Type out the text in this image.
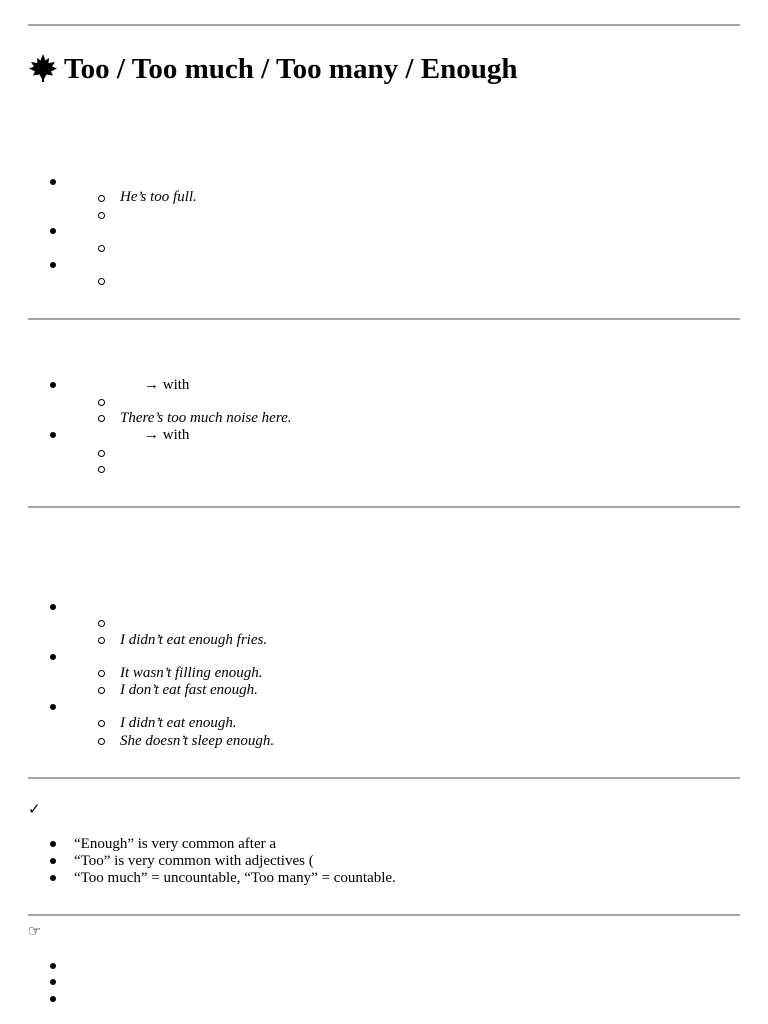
Too / Too much / Too many / Enough
He’s too full.
→ with
There’s too much noise here.
→ with
I didn’t eat enough fries.
It wasn’t filling enough.
I don’t eat fast enough.
I didn’t eat enough.
She doesn’t sleep enough.
✓
“Enough” is very common after a
“Too” is very common with adjectives (
“Too much” = uncountable, “Too many” = countable.
☞
